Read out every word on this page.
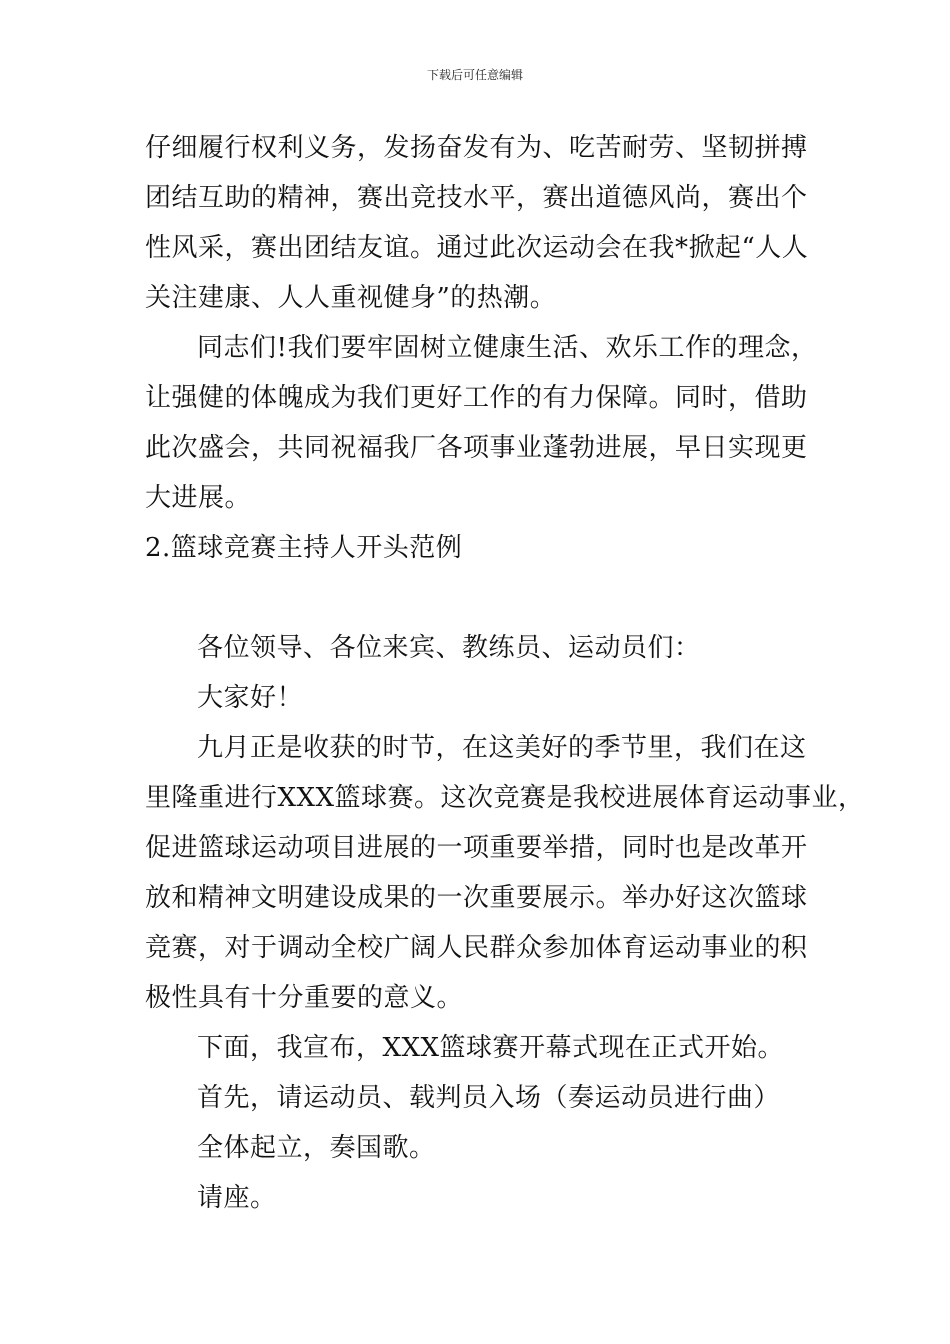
下载后可任意编辑
仔细履行权利义务，发扬奋发有为、吃苦耐劳、坚韧拼搏
团结互助的精神，赛出竞技水平，赛出道德风尚，赛出个
性风采，赛出团结友谊。通过此次运动会在我*掀起“人人
关注建康、人人重视健身”的热潮。
同志们!我们要牢固树立健康生活、欢乐工作的理念，
让强健的体魄成为我们更好工作的有力保障。同时，借助
此次盛会，共同祝福我厂各项事业蓬勃进展，早日实现更
大进展。
2.篮球竞赛主持人开头范例
各位领导、各位来宾、教练员、运动员们：
大家好！
九月正是收获的时节，在这美好的季节里，我们在这
里隆重进行XXX篮球赛。这次竞赛是我校进展体育运动事业，
促进篮球运动项目进展的一项重要举措，同时也是改革开
放和精神文明建设成果的一次重要展示。举办好这次篮球
竞赛，对于调动全校广阔人民群众参加体育运动事业的积
极性具有十分重要的意义。
下面，我宣布，XXX篮球赛开幕式现在正式开始。
首先，请运动员、载判员入场（奏运动员进行曲）
全体起立，奏国歌。
请座。
